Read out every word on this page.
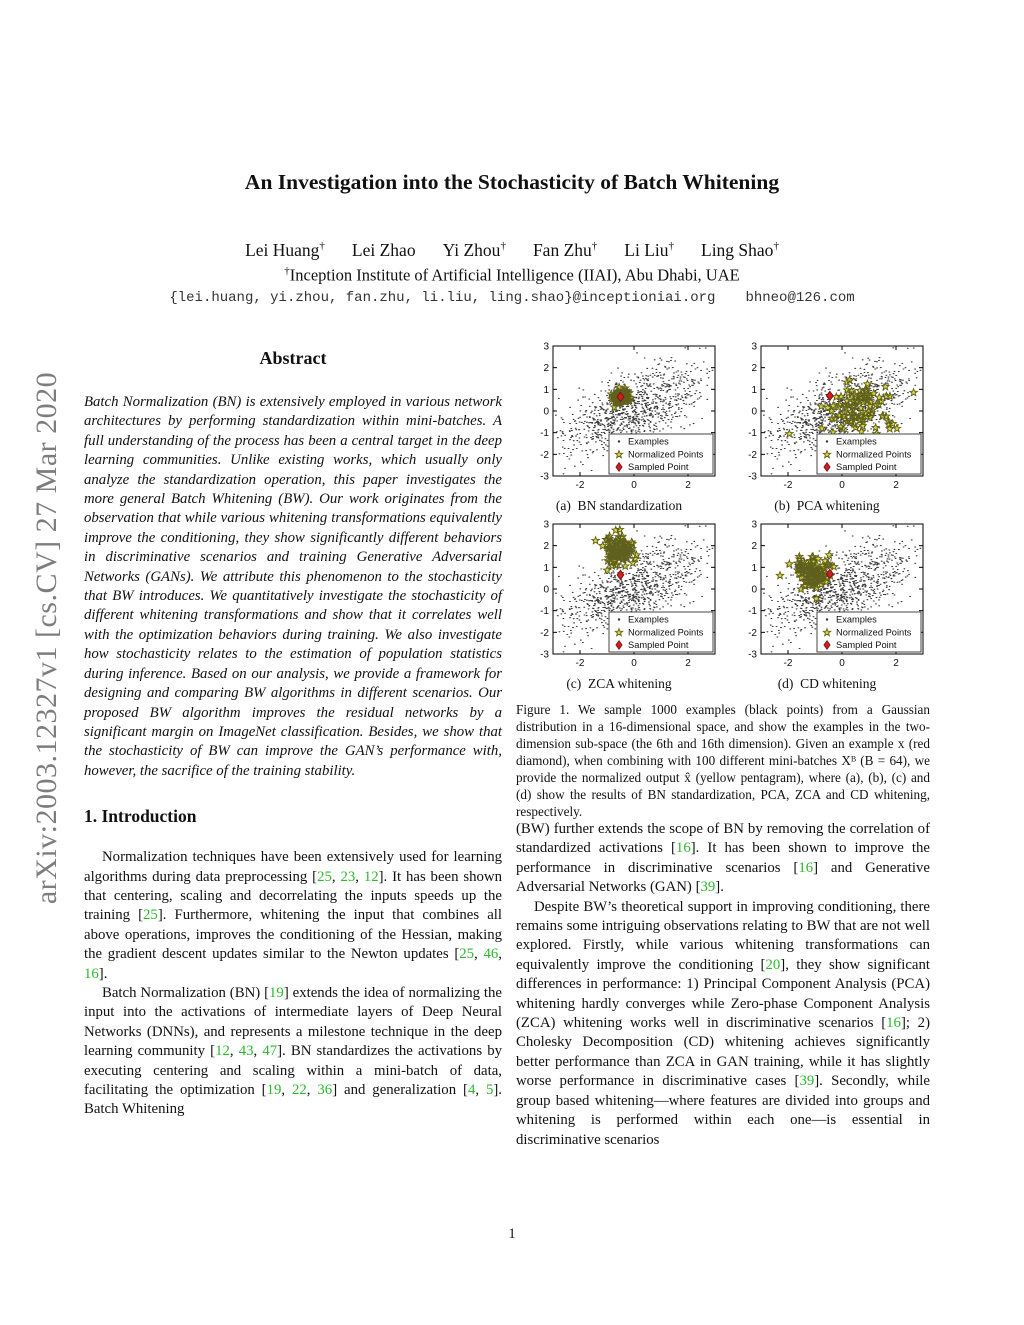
arXiv:2003.12327v1 [cs.CV] 27 Mar 2020
An Investigation into the Stochasticity of Batch Whitening
Lei Huang† Lei Zhao Yi Zhou† Fan Zhu† Li Liu† Ling Shao†
†Inception Institute of Artificial Intelligence (IIAI), Abu Dhabi, UAE
{lei.huang, yi.zhou, fan.zhu, li.liu, ling.shao}@inceptioniai.org bhneo@126.com
Abstract

Batch Normalization (BN) is extensively employed in various network architectures by performing standardization within mini-batches. A full understanding of the process has been a central target in the deep learning communities. Unlike existing works, which usually only analyze the standardization operation, this paper investigates the more general Batch Whitening (BW). Our work originates from the observation that while various whitening transformations equivalently improve the conditioning, they show significantly different behaviors in discriminative scenarios and training Generative Adversarial Networks (GANs). We attribute this phenomenon to the stochasticity that BW introduces. We quantitatively investigate the stochasticity of different whitening transformations and show that it correlates well with the optimization behaviors during training. We also investigate how stochasticity relates to the estimation of population statistics during inference. Based on our analysis, we provide a framework for designing and comparing BW algorithms in different scenarios. Our proposed BW algorithm improves the residual networks by a significant margin on ImageNet classification. Besides, we show that the stochasticity of BW can improve the GAN’s performance with, however, the sacrifice of the training stability.

1. Introduction

Normalization techniques have been extensively used for learning algorithms during data preprocessing [25, 23, 12]. It has been shown that centering, scaling and decorrelating the inputs speeds up the training [25]. Furthermore, whitening the input that combines all above operations, improves the conditioning of the Hessian, making the gradient descent updates similar to the Newton updates [25, 46, 16].

Batch Normalization (BN) [19] extends the idea of normalizing the input into the activations of intermediate layers of Deep Neural Networks (DNNs), and represents a milestone technique in the deep learning community [12, 43, 47]. BN standardizes the activations by executing centering and scaling within a mini-batch of data, facilitating the optimization [19, 22, 36] and generalization [4, 5]. Batch Whitening

-2	0	2
-3
-2
-1
0
1
2
3
Examples
Normalized Points
Sampled Point
(a) BN standardization
-2	0	2
-3
-2
-1
0
1
2
3
Examples
Normalized Points
Sampled Point
(b) PCA whitening
-2	0	2
-3
-2
-1
0
1
2
3
Examples
Normalized Points
Sampled Point
(c) ZCA whitening
-2	0	2
-3
-2
-1
0
1
2
3
Examples
Normalized Points
Sampled Point
(d) CD whitening
Figure 1. We sample 1000 examples (black points) from a Gaussian distribution in a 16-dimensional space, and show the examples in the two-dimension sub-space (the 6th and 16th dimension). Given an example x (red diamond), when combining with 100 different mini-batches Xᴮ (B = 64), we provide the normalized output x̂ (yellow pentagram), where (a), (b), (c) and (d) show the results of BN standardization, PCA, ZCA and CD whitening, respectively.

(BW) further extends the scope of BN by removing the correlation of standardized activations [16]. It has been shown to improve the performance in discriminative scenarios [16] and Generative Adversarial Networks (GAN) [39].

Despite BW’s theoretical support in improving conditioning, there remains some intriguing observations relating to BW that are not well explored. Firstly, while various whitening transformations can equivalently improve the conditioning [20], they show significant differences in performance: 1) Principal Component Analysis (PCA) whitening hardly converges while Zero-phase Component Analysis (ZCA) whitening works well in discriminative scenarios [16]; 2) Cholesky Decomposition (CD) whitening achieves significantly better performance than ZCA in GAN training, while it has slightly worse performance in discriminative cases [39]. Secondly, while group based whitening—where features are divided into groups and whitening is performed within each one—is essential in discriminative scenarios

1
